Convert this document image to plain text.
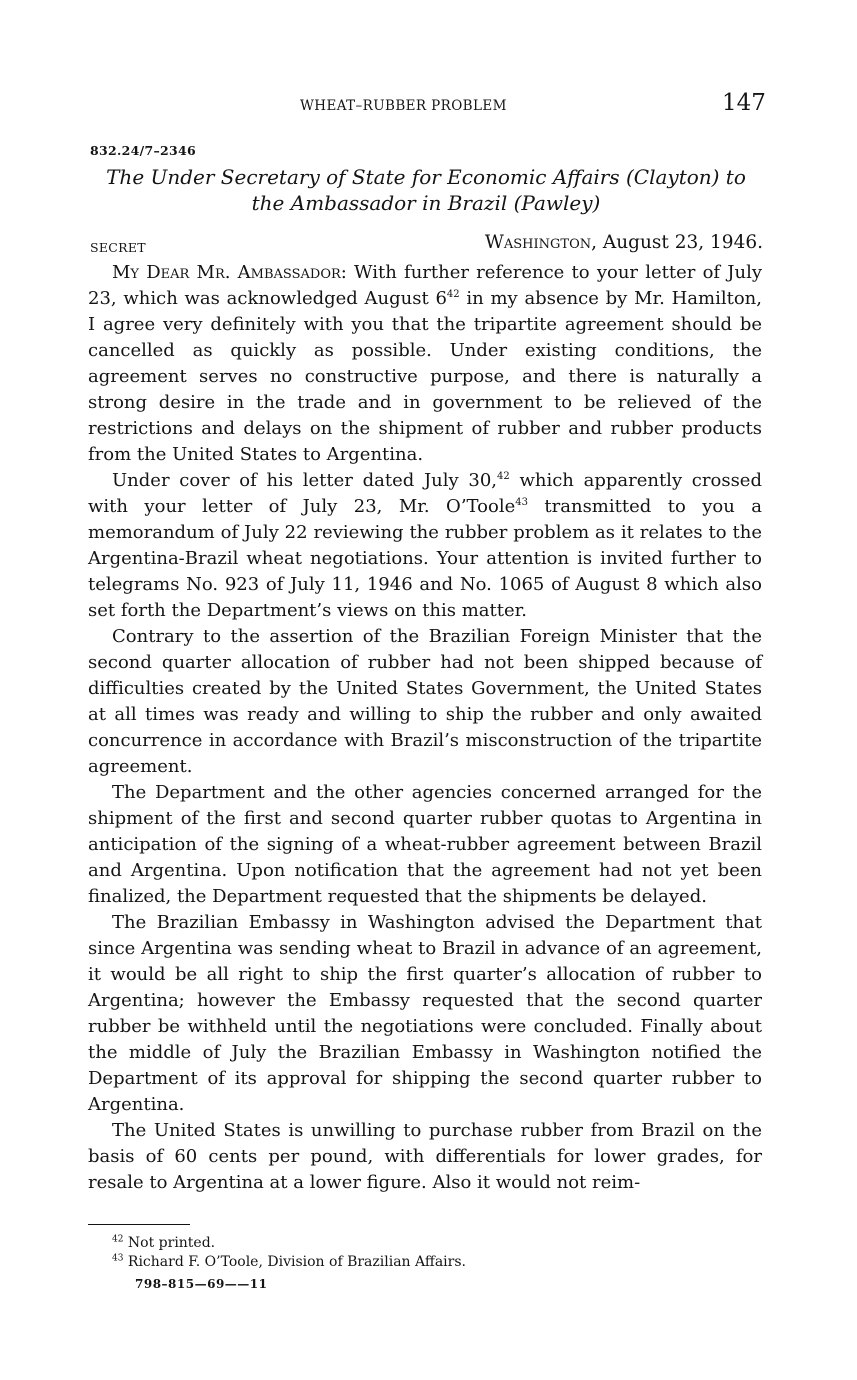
WHEAT–RUBBER PROBLEM	147
832.24/7–2346
The Under Secretary of State for Economic Affairs (Clayton) to the Ambassador in Brazil (Pawley)
SECRET	Washington, August 23, 1946.

My Dear Mr. Ambassador: With further reference to your letter of July 23, which was acknowledged August $6^{42}$ in my absence by Mr. Hamilton, I agree very definitely with you that the tripartite agreement should be cancelled as quickly as possible. Under existing conditions, the agreement serves no constructive purpose, and there is naturally a strong desire in the trade and in government to be relieved of the restrictions and delays on the shipment of rubber and rubber products from the United States to Argentina.

Under cover of his letter dated July 30,42 which apparently crossed with your letter of July 23, Mr. O’Toole$^{43}$ transmitted to you a memorandum of July 22 reviewing the rubber problem as it relates to the Argentina-Brazil wheat negotiations. Your attention is invited further to telegrams No. 923 of July 11, 1946 and No. 1065 of August 8 which also set forth the Department’s views on this matter.

Contrary to the assertion of the Brazilian Foreign Minister that the second quarter allocation of rubber had not been shipped because of difficulties created by the United States Government, the United States at all times was ready and willing to ship the rubber and only awaited concurrence in accordance with Brazil’s misconstruction of the tripartite agreement.

The Department and the other agencies concerned arranged for the shipment of the first and second quarter rubber quotas to Argentina in anticipation of the signing of a wheat-rubber agreement between Brazil and Argentina. Upon notification that the agreement had not yet been finalized, the Department requested that the shipments be delayed.

The Brazilian Embassy in Washington advised the Department that since Argentina was sending wheat to Brazil in advance of an agreement, it would be all right to ship the first quarter’s allocation of rubber to Argentina; however the Embassy requested that the second quarter rubber be withheld until the negotiations were concluded. Finally about the middle of July the Brazilian Embassy in Washington notified the Department of its approval for shipping the second quarter rubber to Argentina.

The United States is unwilling to purchase rubber from Brazil on the basis of 60 cents per pound, with differentials for lower grades, for resale to Argentina at a lower figure. Also it would not reim-

$^{42}$ Not printed.
$^{43}$ Richard F. O’Toole, Division of Brazilian Affairs.
798–815—69——11
